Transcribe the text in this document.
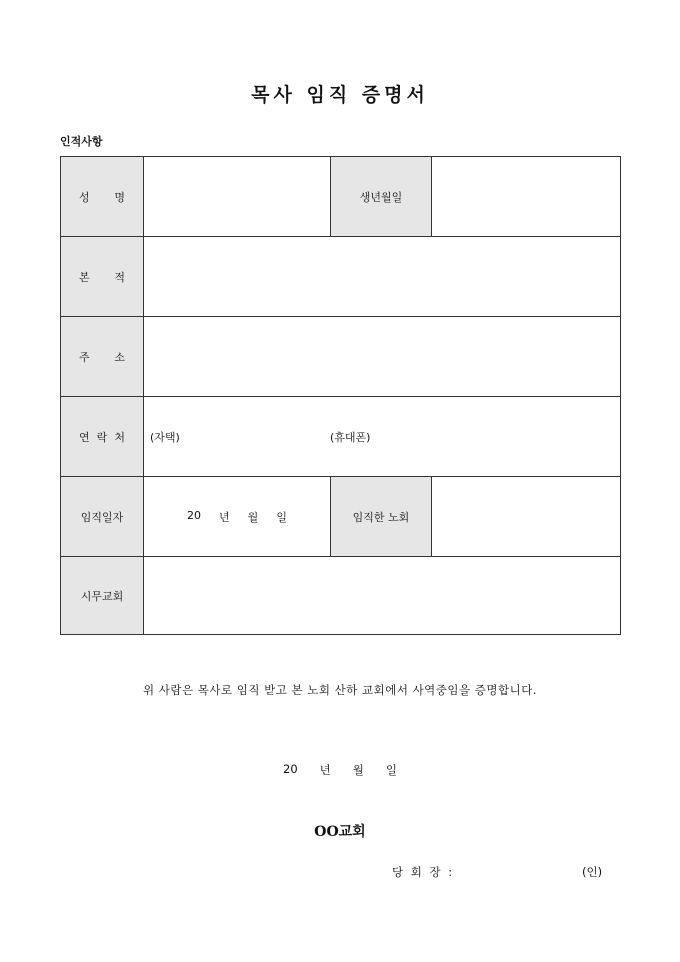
목사 임직 증명서
인적사항
성 명		생년월일	

본 적			

주 소			

연 락 처	(자택) (휴대폰)		

임직일자	20 년 월 일	임직한 노회	
시무교회			
위 사람은 목사로 임직 받고 본 노회 산하 교회에서 사역중임을 증명합니다.
20 년 월 일
OO교회
당 회 장 :	(인)
